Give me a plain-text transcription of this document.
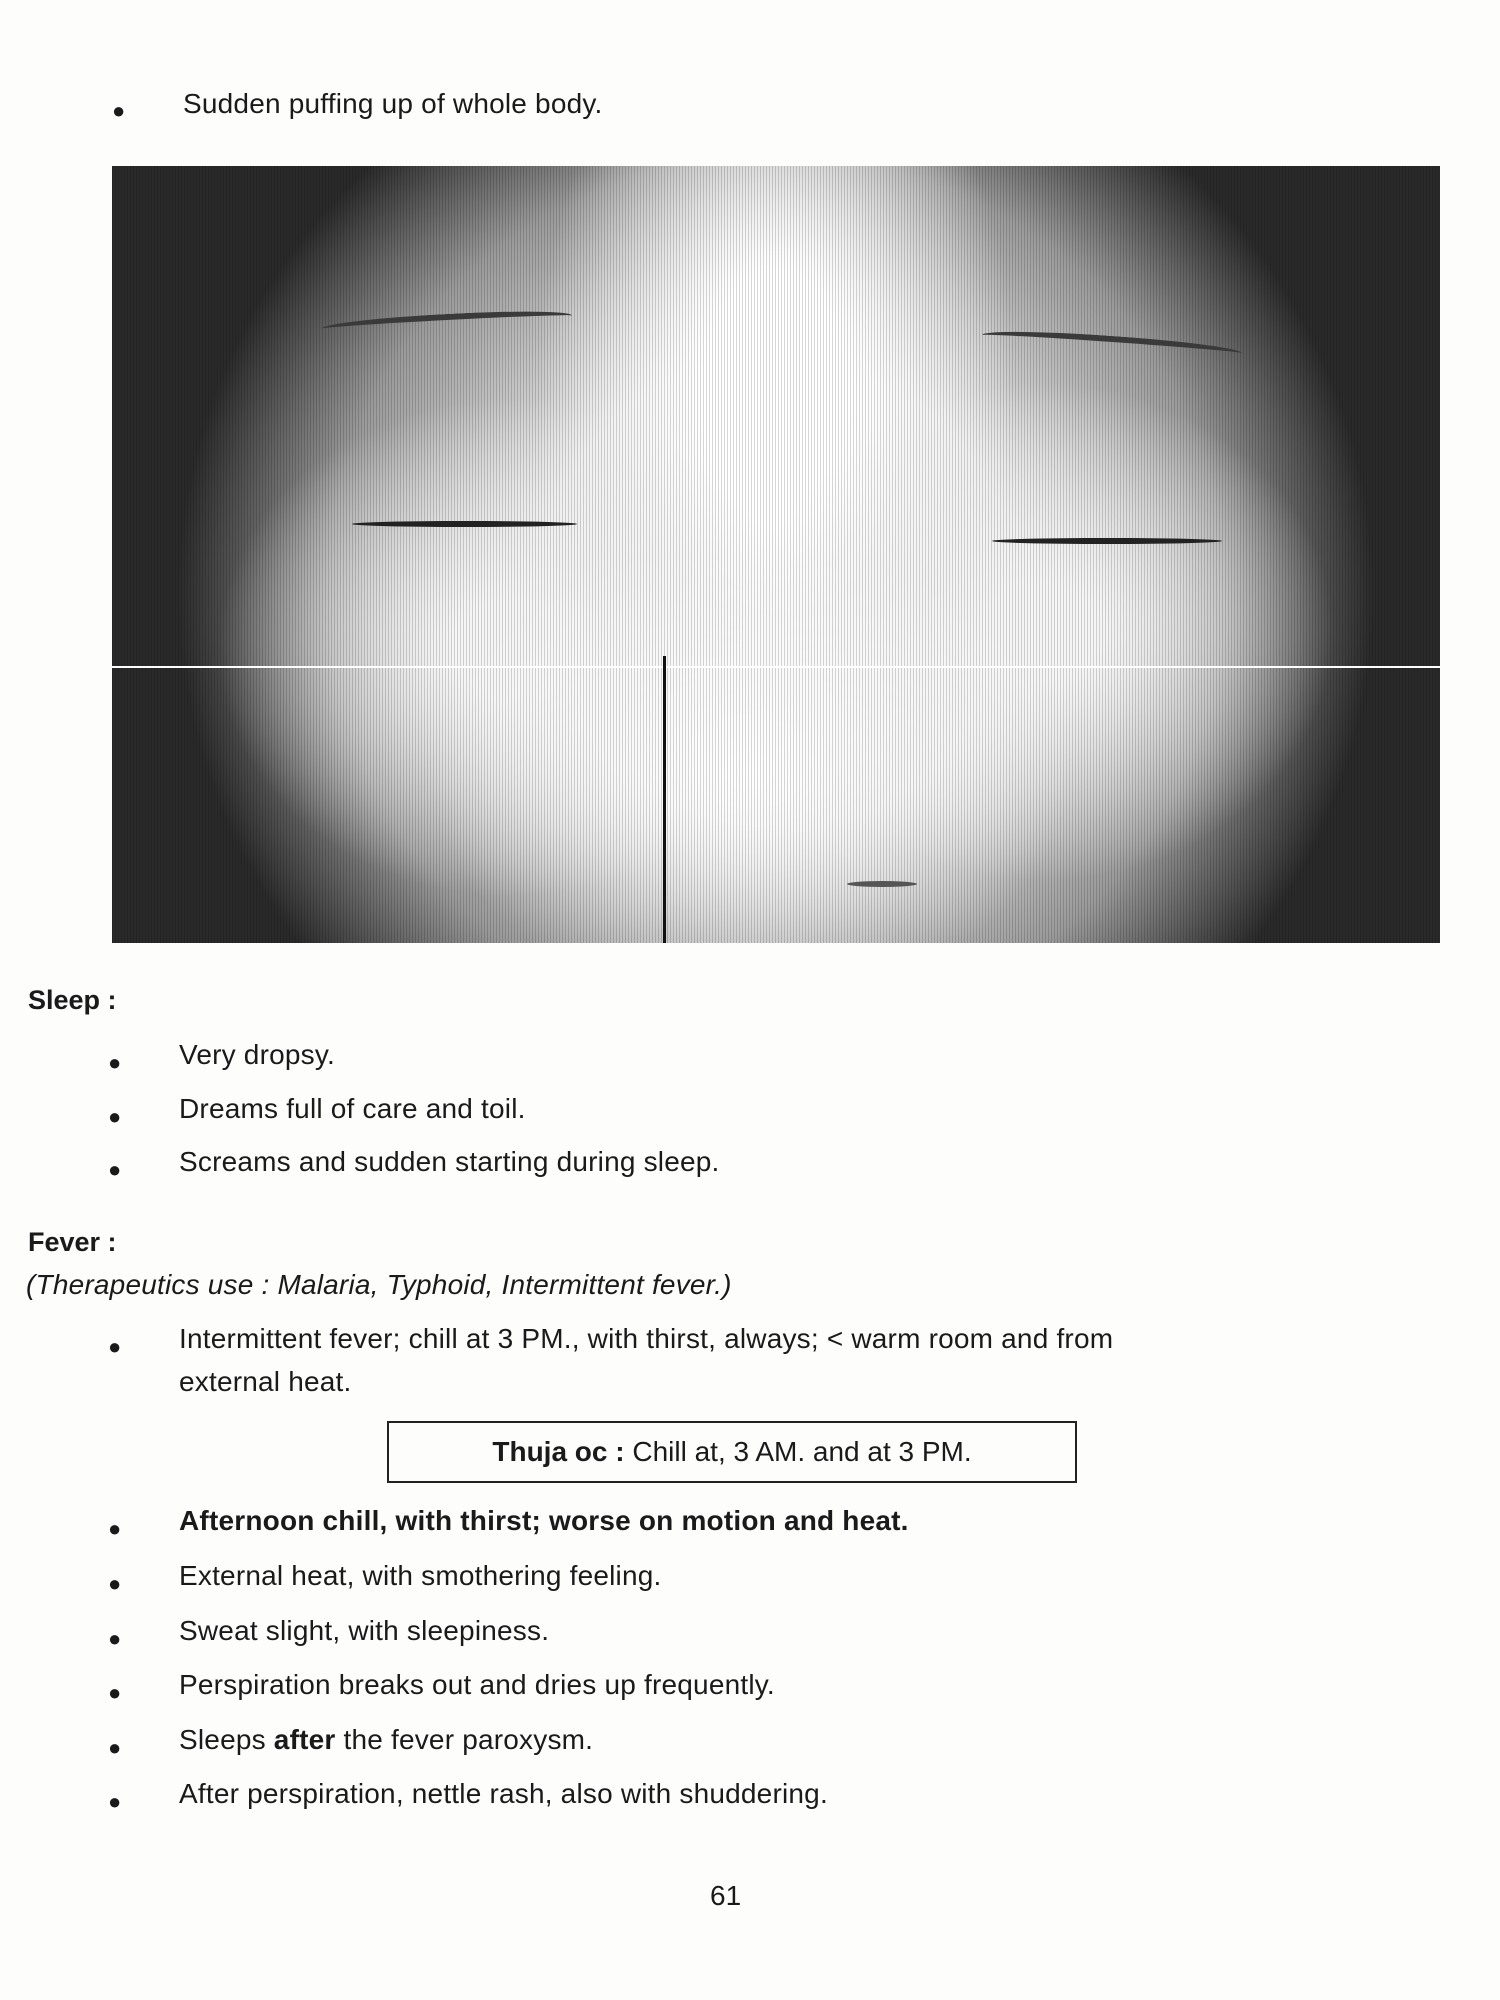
● Sudden puffing up of whole body.
Sleep :
● Very dropsy.
● Dreams full of care and toil.
● Screams and sudden starting during sleep.
Fever :
(Therapeutics use : Malaria, Typhoid, Intermittent fever.)
● Intermittent fever; chill at 3 PM., with thirst, always; < warm room and from
external heat.
Thuja oc : Chill at, 3 AM. and at 3 PM.
● Afternoon chill, with thirst; worse on motion and heat.
● External heat, with smothering feeling.
● Sweat slight, with sleepiness.
● Perspiration breaks out and dries up frequently.
● Sleeps after the fever paroxysm.
● After perspiration, nettle rash, also with shuddering.
61
